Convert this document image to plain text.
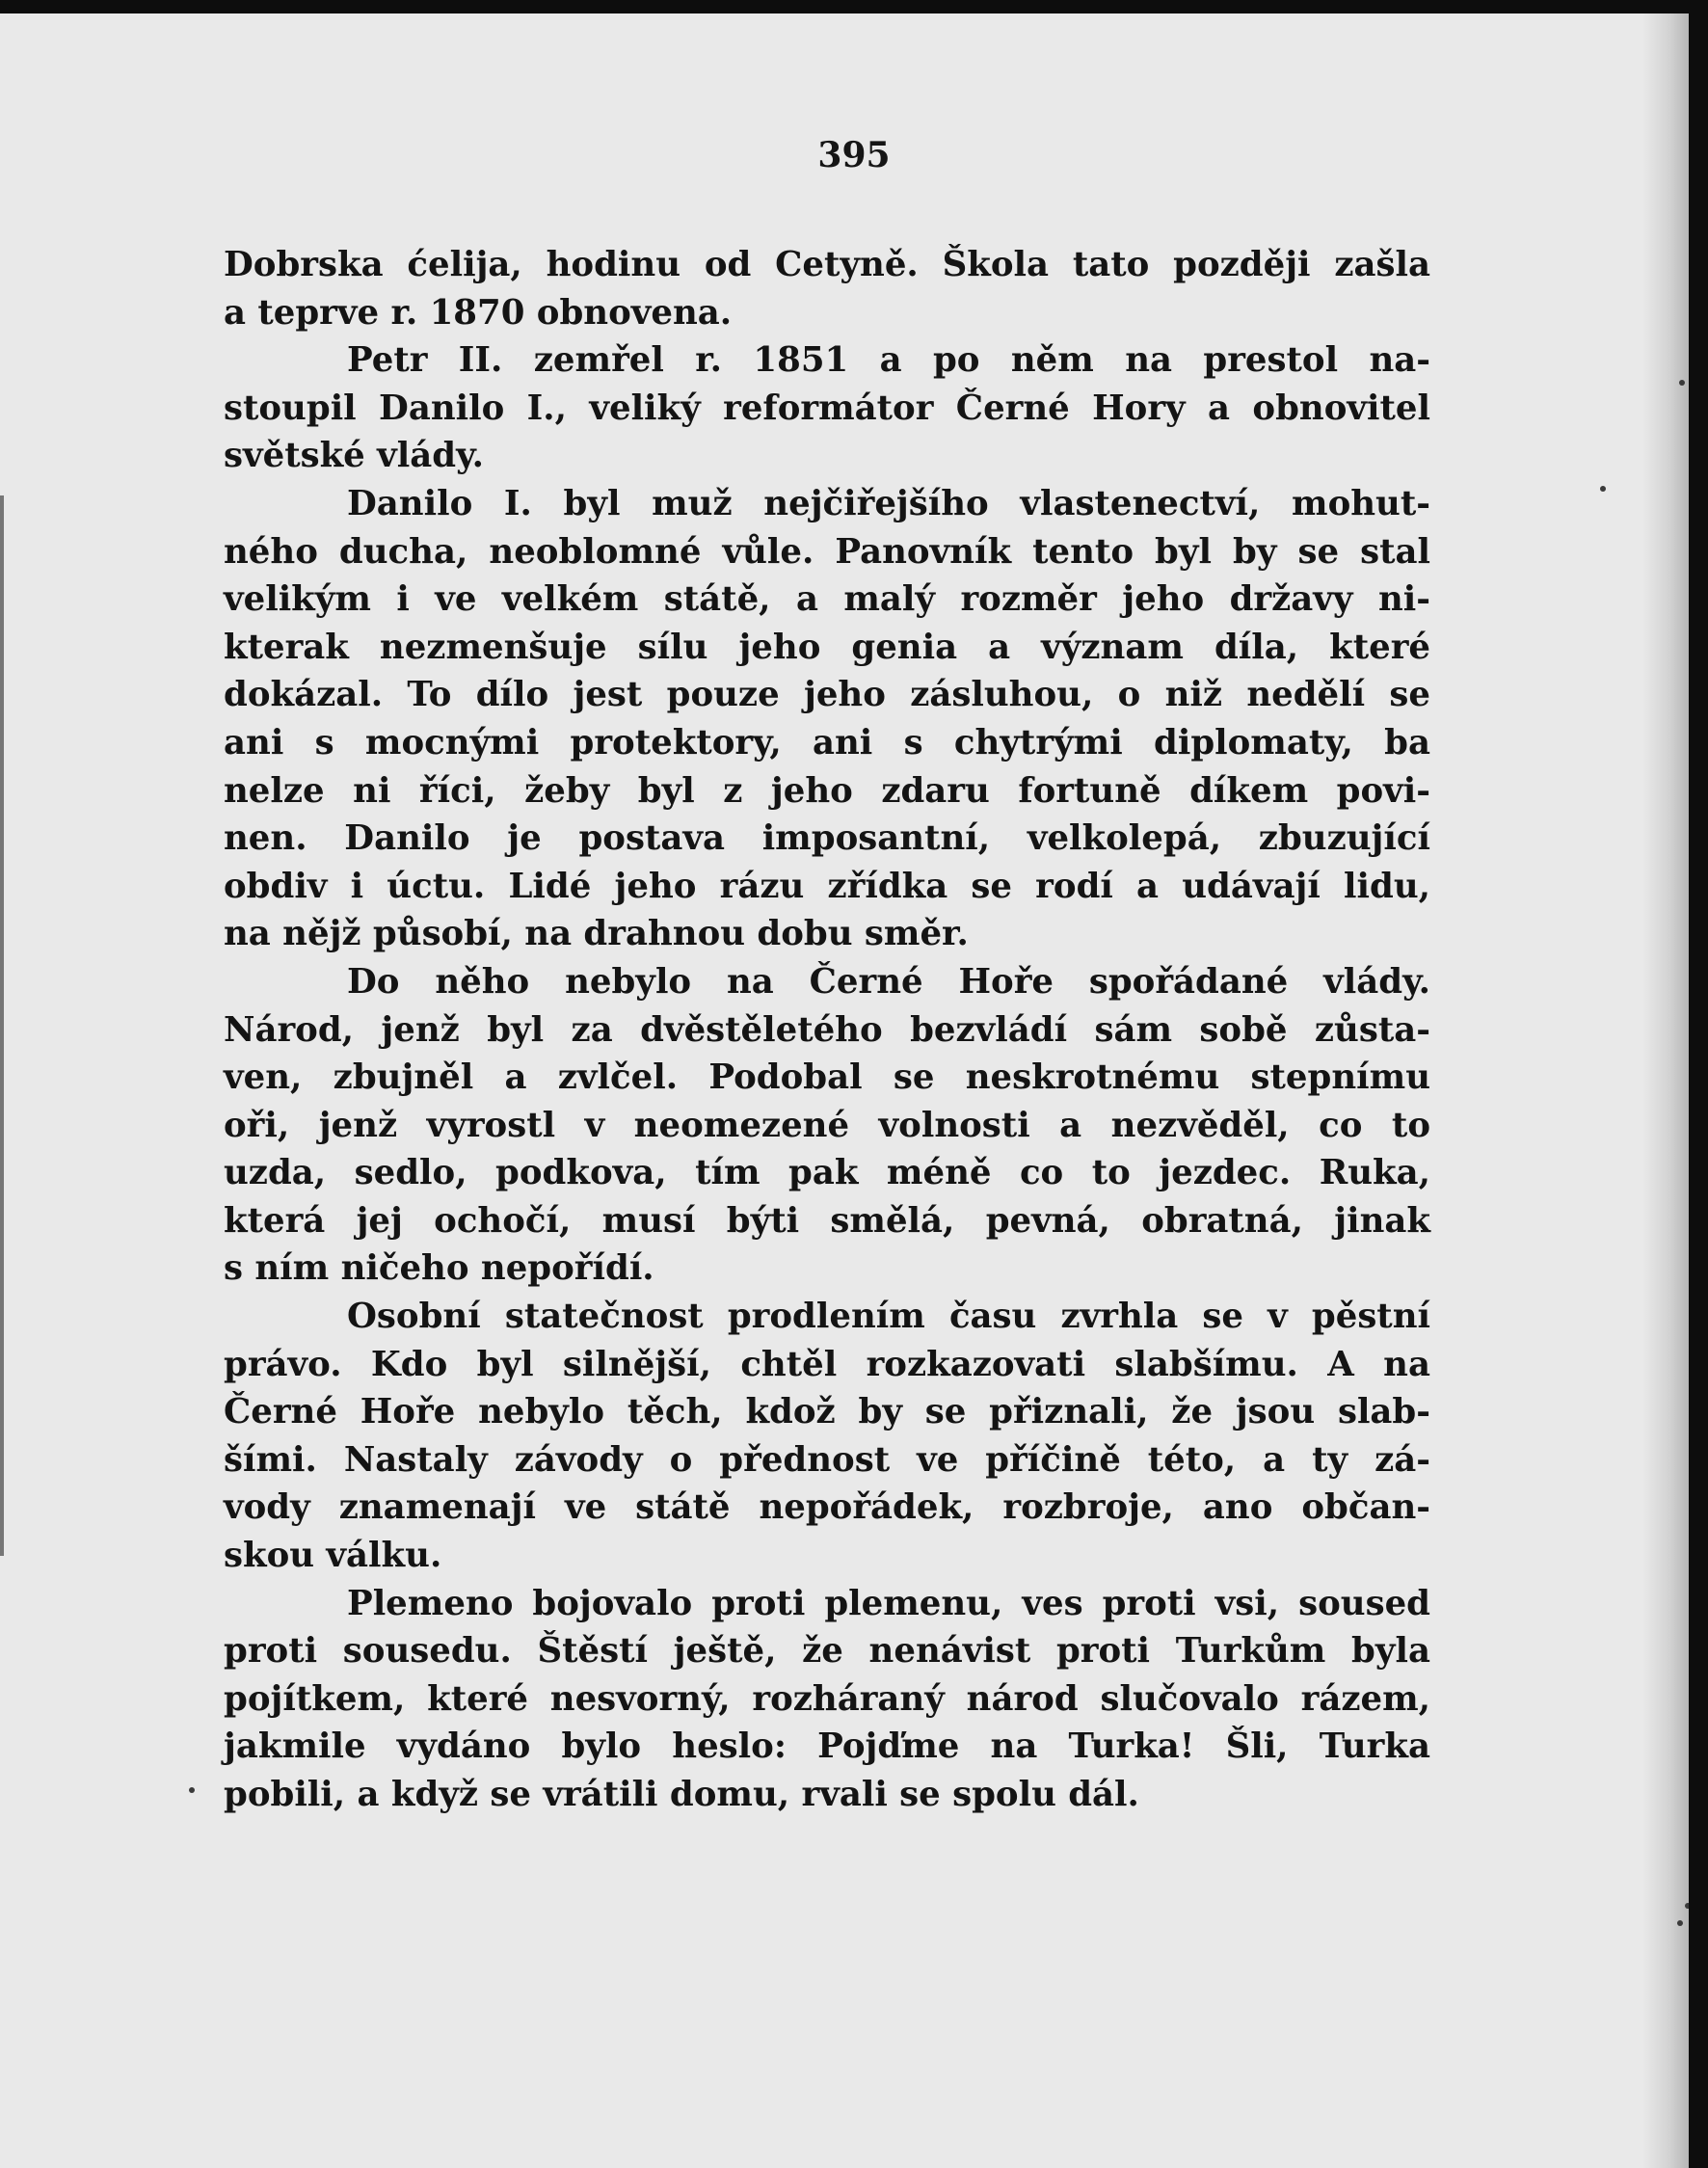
395
Dobrska ćelija, hodinu od Cetyně. Škola tato později zašla
a teprve r. 1870 obnovena.
Petr II. zemřel r. 1851 a po něm na prestol na-
stoupil Danilo I., veliký reformátor Černé Hory a obnovitel
světské vlády.
Danilo I. byl muž nejčiřejšího vlastenectví, mohut-
ného ducha, neoblomné vůle. Panovník tento byl by se stal
velikým i ve velkém státě, a malý rozměr jeho državy ni-
kterak nezmenšuje sílu jeho genia a význam díla, které
dokázal. To dílo jest pouze jeho zásluhou, o niž nedělí se
ani s mocnými protektory, ani s chytrými diplomaty, ba
nelze ni říci, žeby byl z jeho zdaru fortuně díkem povi-
nen. Danilo je postava imposantní, velkolepá, zbuzující
obdiv i úctu. Lidé jeho rázu zřídka se rodí a udávají lidu,
na nějž působí, na drahnou dobu směr.
Do něho nebylo na Černé Hoře spořádané vlády.
Národ, jenž byl za dvěstěletého bezvládí sám sobě zůsta-
ven, zbujněl a zvlčel. Podobal se neskrotnému stepnímu
oři, jenž vyrostl v neomezené volnosti a nezvěděl, co to
uzda, sedlo, podkova, tím pak méně co to jezdec. Ruka,
která jej ochočí, musí býti smělá, pevná, obratná, jinak
s ním ničeho nepořídí.
Osobní statečnost prodlením času zvrhla se v pěstní
právo. Kdo byl silnější, chtěl rozkazovati slabšímu. A na
Černé Hoře nebylo těch, kdož by se přiznali, že jsou slab-
šími. Nastaly závody o přednost ve příčině této, a ty zá-
vody znamenají ve státě nepořádek, rozbroje, ano občan-
skou válku.
Plemeno bojovalo proti plemenu, ves proti vsi, soused
proti sousedu. Štěstí ještě, že nenávist proti Turkům byla
pojítkem, které nesvorný, rozháraný národ slučovalo rázem,
jakmile vydáno bylo heslo: Pojďme na Turka! Šli, Turka
pobili, a když se vrátili domu, rvali se spolu dál.
